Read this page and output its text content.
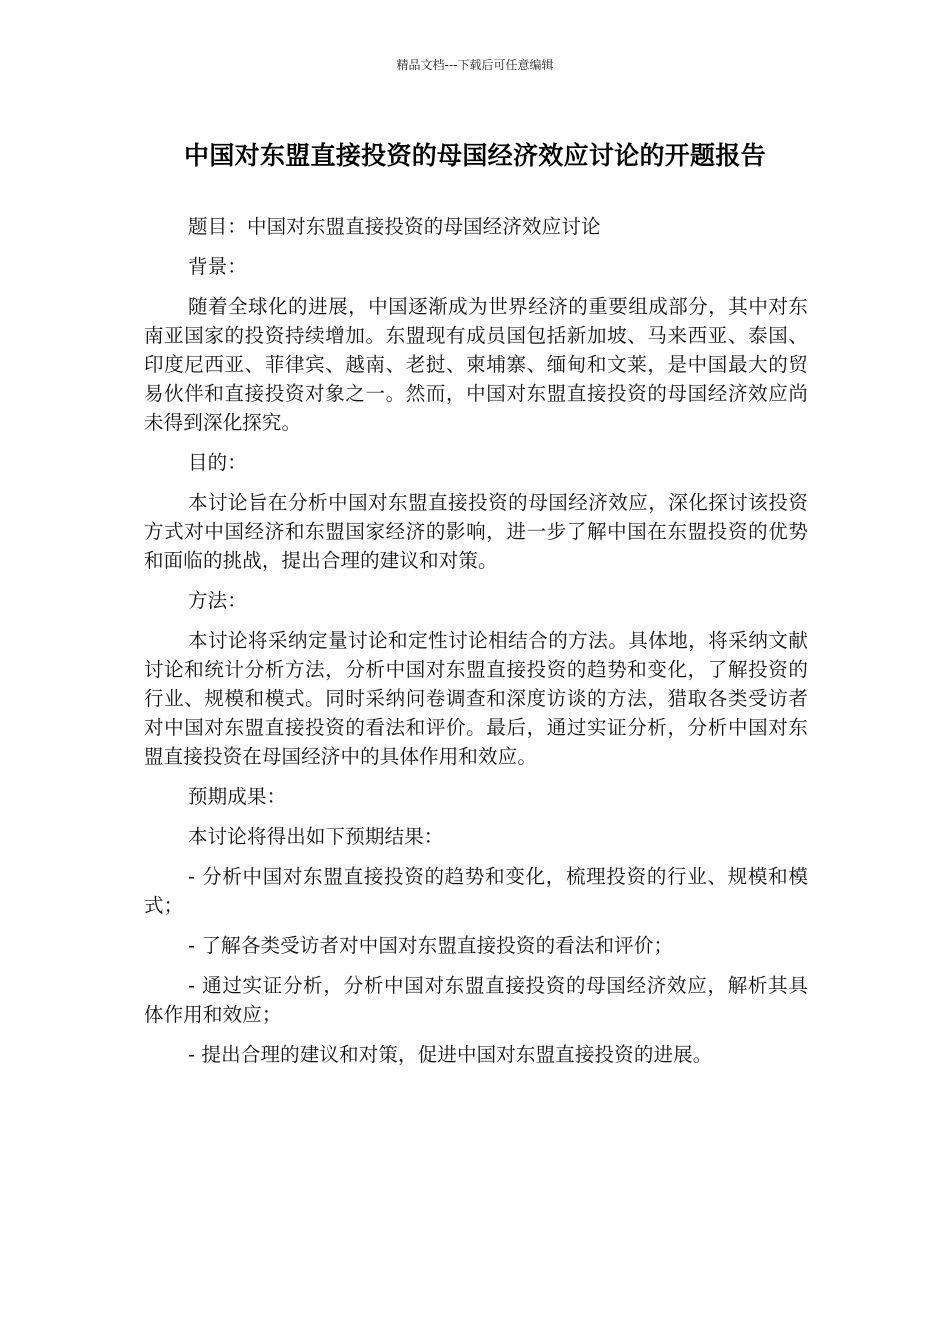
精品文档---下载后可任意编辑
中国对东盟直接投资的母国经济效应讨论的开题报告

题目：中国对东盟直接投资的母国经济效应讨论

背景：

随着全球化的进展，中国逐渐成为世界经济的重要组成部分，其中对东南亚国家的投资持续增加。东盟现有成员国包括新加坡、马来西亚、泰国、印度尼西亚、菲律宾、越南、老挝、柬埔寨、缅甸和文莱，是中国最大的贸易伙伴和直接投资对象之一。然而，中国对东盟直接投资的母国经济效应尚未得到深化探究。

目的：

本讨论旨在分析中国对东盟直接投资的母国经济效应，深化探讨该投资方式对中国经济和东盟国家经济的影响，进一步了解中国在东盟投资的优势和面临的挑战，提出合理的建议和对策。

方法：

本讨论将采纳定量讨论和定性讨论相结合的方法。具体地，将采纳文献讨论和统计分析方法，分析中国对东盟直接投资的趋势和变化，了解投资的行业、规模和模式。同时采纳问卷调查和深度访谈的方法，猎取各类受访者对中国对东盟直接投资的看法和评价。最后，通过实证分析，分析中国对东盟直接投资在母国经济中的具体作用和效应。

预期成果：

本讨论将得出如下预期结果：

- 分析中国对东盟直接投资的趋势和变化，梳理投资的行业、规模和模式；

- 了解各类受访者对中国对东盟直接投资的看法和评价；

- 通过实证分析，分析中国对东盟直接投资的母国经济效应，解析其具体作用和效应；

- 提出合理的建议和对策，促进中国对东盟直接投资的进展。
